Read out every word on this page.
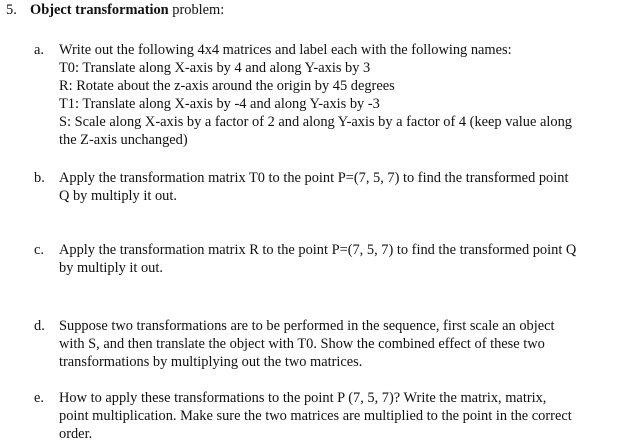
5. Object transformation problem:
a. Write out the following 4x4 matrices and label each with the following names:
T0: Translate along X-axis by 4 and along Y-axis by 3
R: Rotate about the z-axis around the origin by 45 degrees
T1: Translate along X-axis by -4 and along Y-axis by -3
S: Scale along X-axis by a factor of 2 and along Y-axis by a factor of 4 (keep value along
the Z-axis unchanged)
b. Apply the transformation matrix T0 to the point P=(7, 5, 7) to find the transformed point
Q by multiply it out.
c. Apply the transformation matrix R to the point P=(7, 5, 7) to find the transformed point Q
by multiply it out.
d. Suppose two transformations are to be performed in the sequence, first scale an object
with S, and then translate the object with T0. Show the combined effect of these two
transformations by multiplying out the two matrices.
e. How to apply these transformations to the point P (7, 5, 7)? Write the matrix, matrix,
point multiplication. Make sure the two matrices are multiplied to the point in the correct
order.
